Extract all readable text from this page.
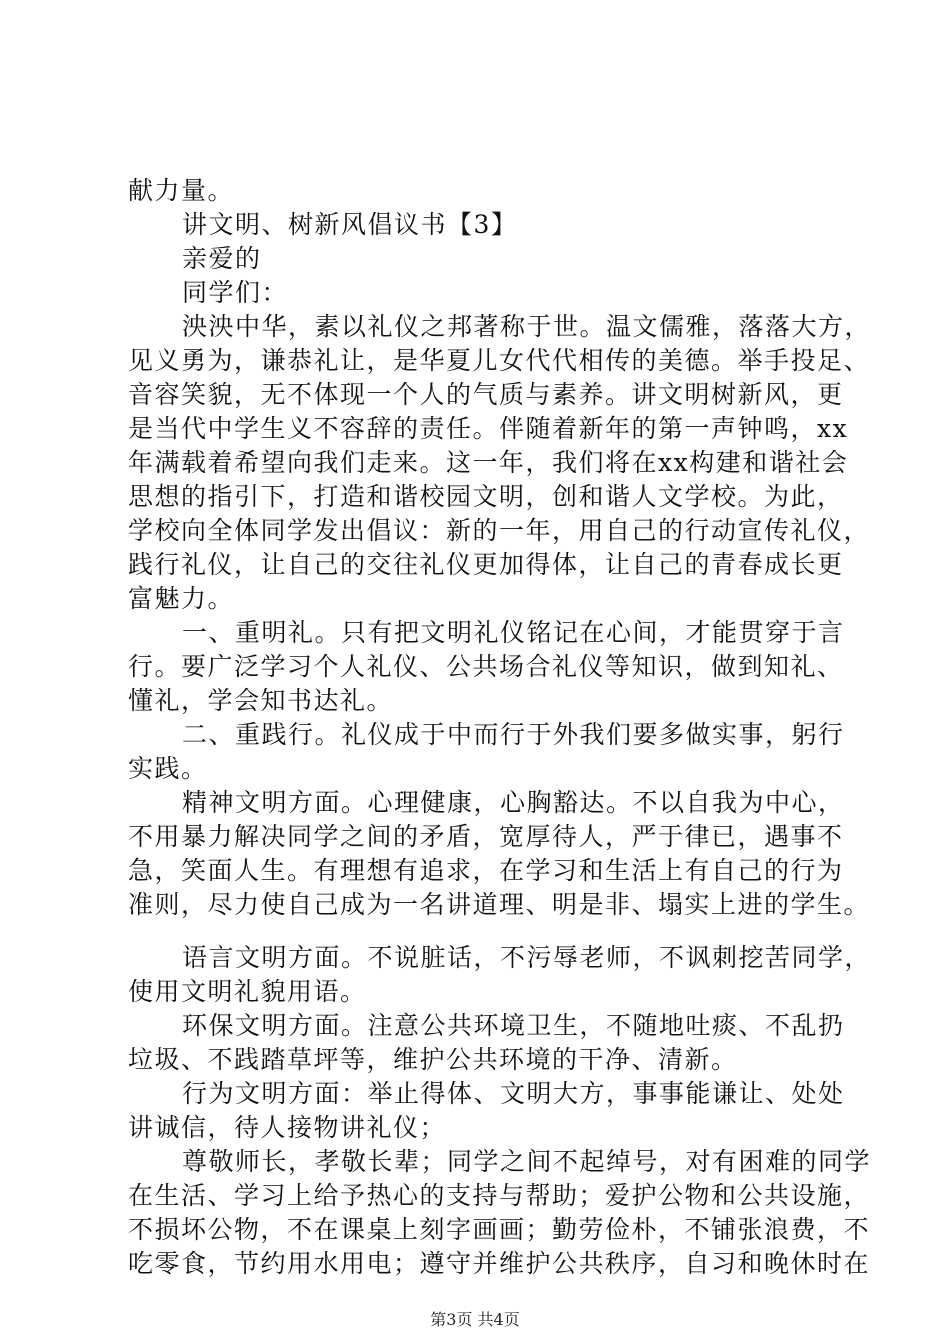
献力量。
讲文明、树新风倡议书【3】
亲爱的
同学们：
泱泱中华，素以礼仪之邦著称于世。温文儒雅，落落大方，
见义勇为，谦恭礼让，是华夏儿女代代相传的美德。举手投足、
音容笑貌，无不体现一个人的气质与素养。讲文明树新风，更
是当代中学生义不容辞的责任。伴随着新年的第一声钟鸣，xx
年满载着希望向我们走来。这一年，我们将在xx构建和谐社会
思想的指引下，打造和谐校园文明，创和谐人文学校。为此，
学校向全体同学发出倡议：新的一年，用自己的行动宣传礼仪，
践行礼仪，让自己的交往礼仪更加得体，让自己的青春成长更
富魅力。
一、重明礼。只有把文明礼仪铭记在心间，才能贯穿于言
行。要广泛学习个人礼仪、公共场合礼仪等知识，做到知礼、
懂礼，学会知书达礼。
二、重践行。礼仪成于中而行于外我们要多做实事，躬行
实践。
精神文明方面。心理健康，心胸豁达。不以自我为中心，
不用暴力解决同学之间的矛盾，宽厚待人，严于律已，遇事不
急，笑面人生。有理想有追求，在学习和生活上有自己的行为
准则，尽力使自己成为一名讲道理、明是非、塌实上进的学生。
语言文明方面。不说脏话，不污辱老师，不讽刺挖苦同学，
使用文明礼貌用语。
环保文明方面。注意公共环境卫生，不随地吐痰、不乱扔
垃圾、不践踏草坪等，维护公共环境的干净、清新。
行为文明方面：举止得体、文明大方，事事能谦让、处处
讲诚信，待人接物讲礼仪；
尊敬师长，孝敬长辈；同学之间不起绰号，对有困难的同学
在生活、学习上给予热心的支持与帮助；爱护公物和公共设施，
不损坏公物，不在课桌上刻字画画；勤劳俭朴，不铺张浪费，不
吃零食，节约用水用电；遵守并维护公共秩序，自习和晚休时在
第3页 共4页
